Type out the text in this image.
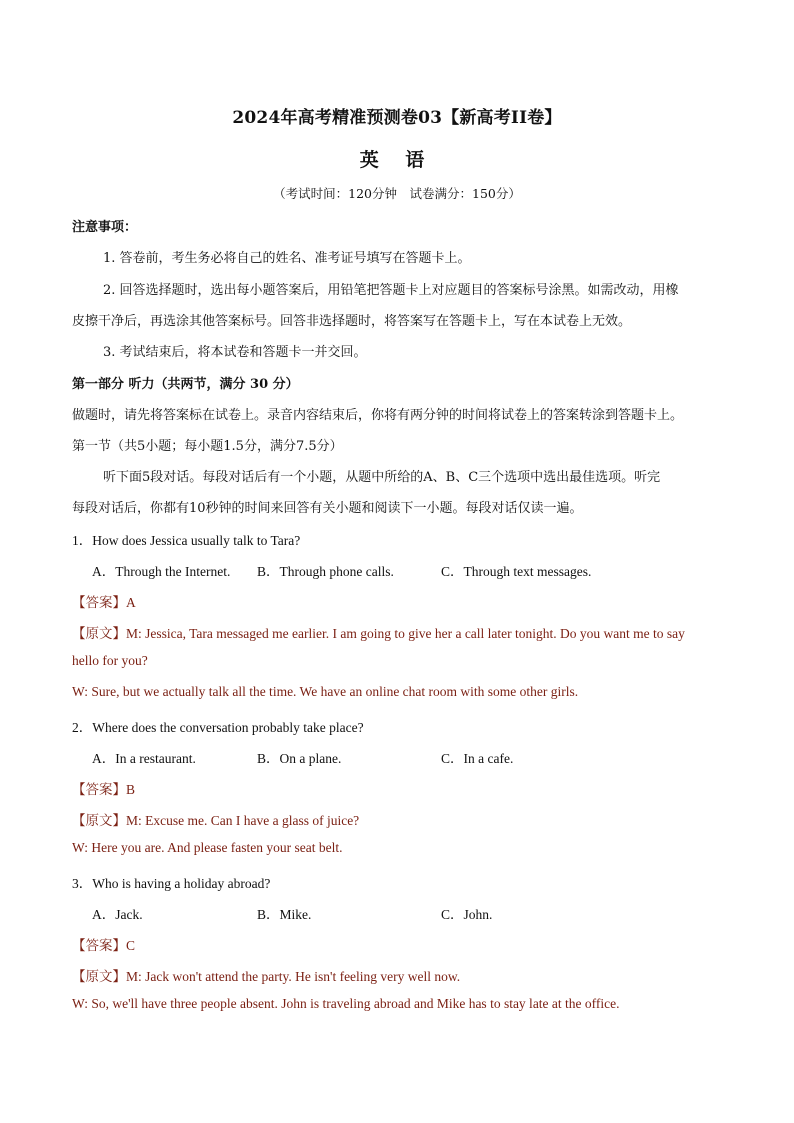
2024年高考精准预测卷03【新高考II卷】
英 语
（考试时间：120分钟　试卷满分：150分）
注意事项：
1. 答卷前，考生务必将自己的姓名、准考证号填写在答题卡上。
2. 回答选择题时，选出每小题答案后，用铅笔把答题卡上对应题目的答案标号涂黑。如需改动，用橡
皮擦干净后，再选涂其他答案标号。回答非选择题时，将答案写在答题卡上，写在本试卷上无效。
3. 考试结束后，将本试卷和答题卡一并交回。
第一部分 听力（共两节，满分 30 分）
做题时，请先将答案标在试卷上。录音内容结束后，你将有两分钟的时间将试卷上的答案转涂到答题卡上。
第一节（共5小题；每小题1.5分，满分7.5分）
听下面5段对话。每段对话后有一个小题，从题中所给的A、B、C三个选项中选出最佳选项。听完
每段对话后，你都有10秒钟的时间来回答有关小题和阅读下一小题。每段对话仅读一遍。
1．How does Jessica usually talk to Tara?
A．Through the Internet. B．Through phone calls.	C．Through text messages.
【答案】A
【原文】M: Jessica, Tara messaged me earlier. I am going to give her a call later tonight. Do you want me to say
hello for you?
W: Sure, but we actually talk all the time. We have an online chat room with some other girls.
2．Where does the conversation probably take place?
A．In a restaurant.	B．On a plane.	C．In a cafe.
【答案】B
【原文】M: Excuse me. Can I have a glass of juice?
W: Here you are. And please fasten your seat belt.
3．Who is having a holiday abroad?
A．Jack.	B．Mike.	C．John.
【答案】C
【原文】M: Jack won't attend the party. He isn't feeling very well now.
W: So, we'll have three people absent. John is traveling abroad and Mike has to stay late at the office.
